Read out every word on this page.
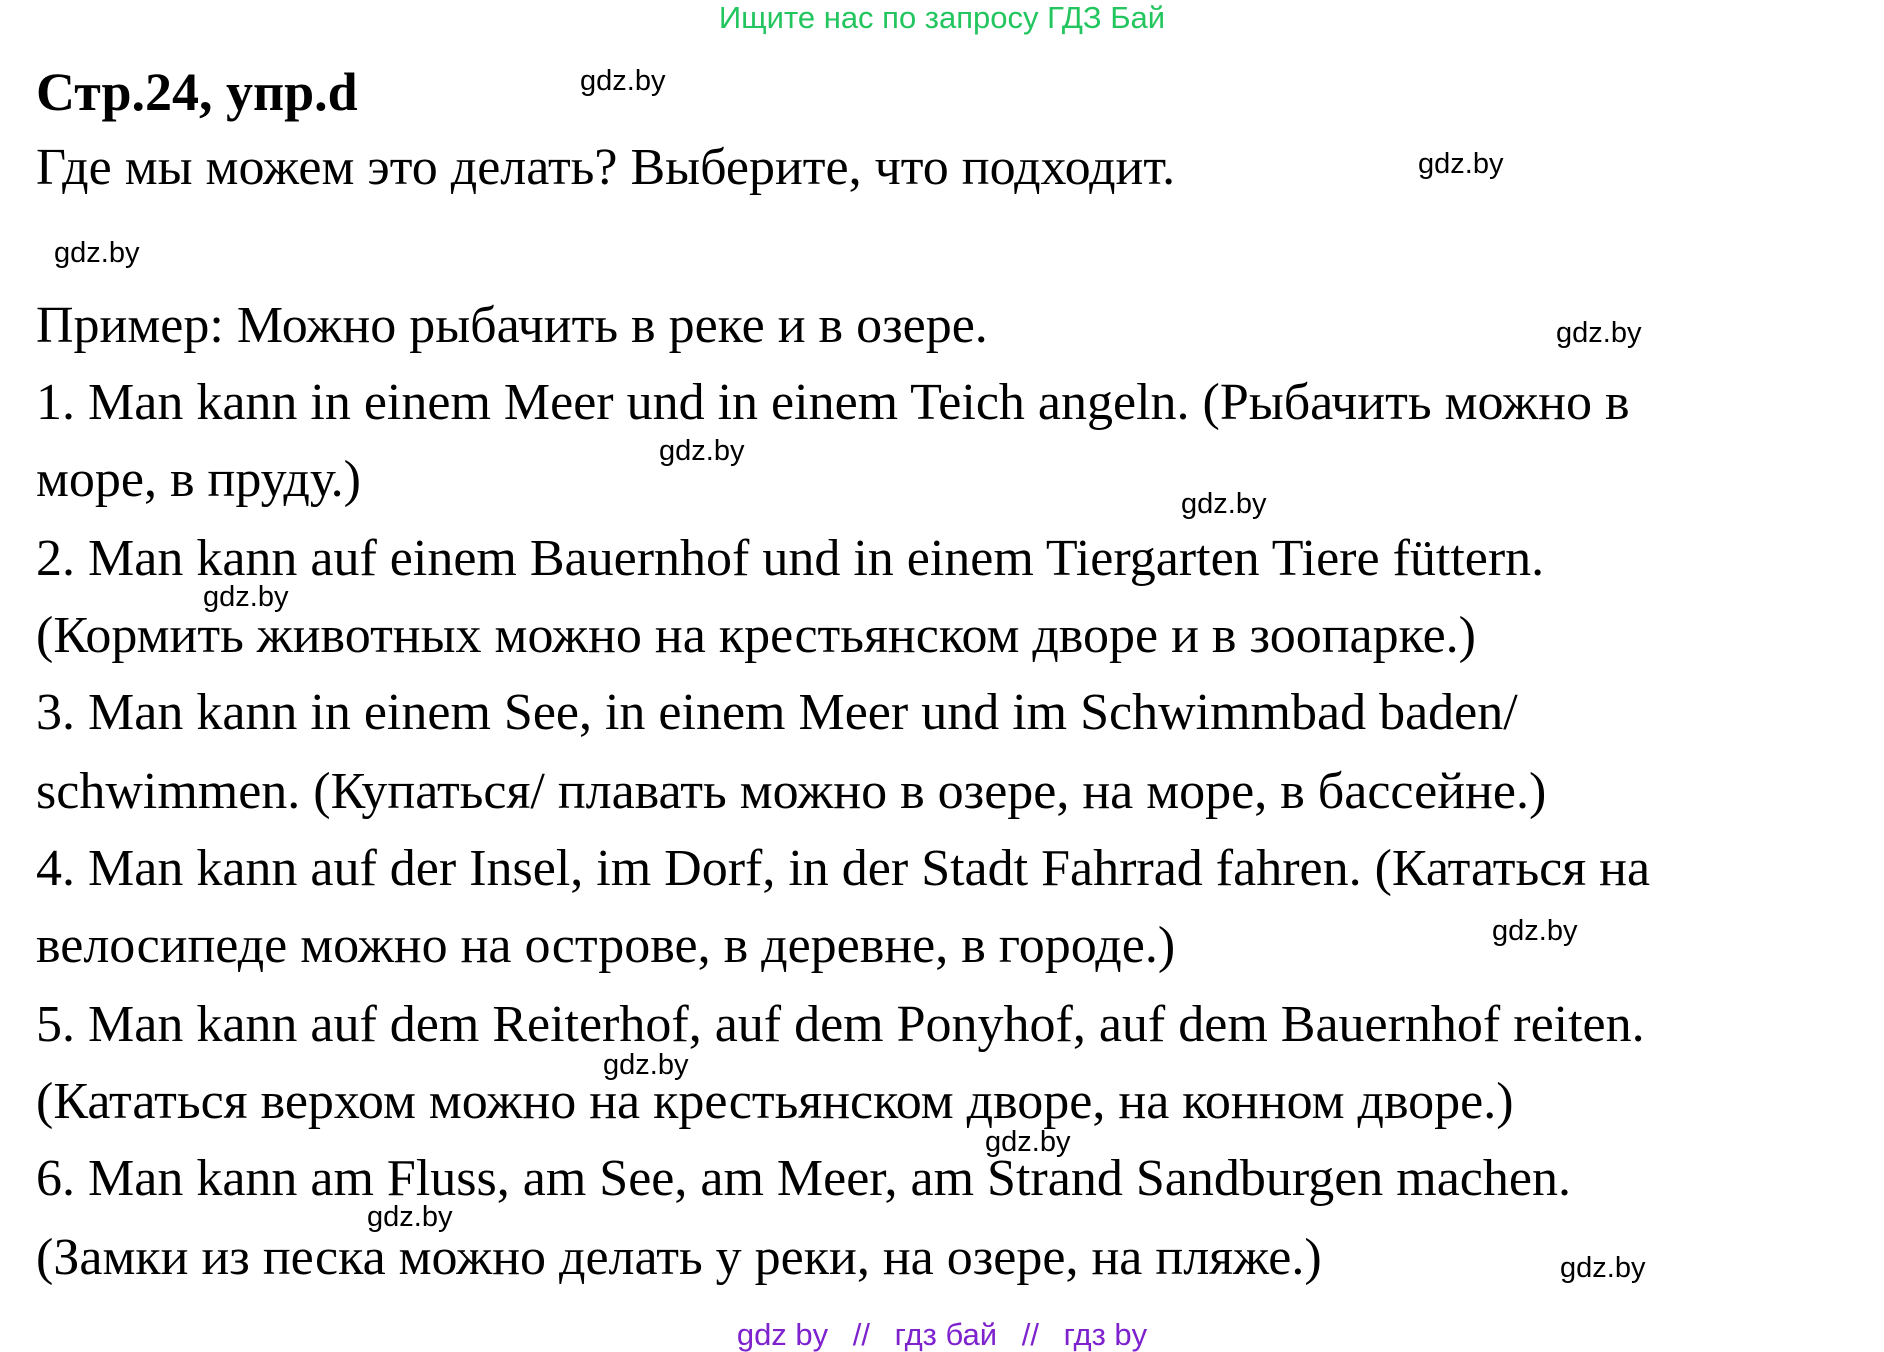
Ищите нас по запросу ГДЗ Бай
Стр.24, упр.d
Где мы можем это делать? Выберите, что подходит.
Пример: Можно рыбачить в реке и в озере.
1. Man kann in einem Meer und in einem Teich angeln. (Рыбачить можно в
море, в пруду.)
2. Man kann auf einem Bauernhof und in einem Tiergarten Tiere füttern.
(Кормить животных можно на крестьянском дворе и в зоопарке.)
3. Man kann in einem See, in einem Meer und im Schwimmbad baden/
schwimmen. (Купаться/ плавать можно в озере, на море, в бассейне.)
4. Man kann auf der Insel, im Dorf, in der Stadt Fahrrad fahren. (Кататься на
велосипеде можно на острове, в деревне, в городе.)
5. Man kann auf dem Reiterhof, auf dem Ponyhof, auf dem Bauernhof reiten.
(Кататься верхом можно на крестьянском дворе, на конном дворе.)
6. Man kann am Fluss, am See, am Meer, am Strand Sandburgen machen.
(Замки из песка можно делать у реки, на озере, на пляже.)
gdz.by
gdz.by
gdz.by
gdz.by
gdz.by
gdz.by
gdz.by
gdz.by
gdz.by
gdz.by
gdz.by
gdz.by
gdz by // гдз бай // гдз by
